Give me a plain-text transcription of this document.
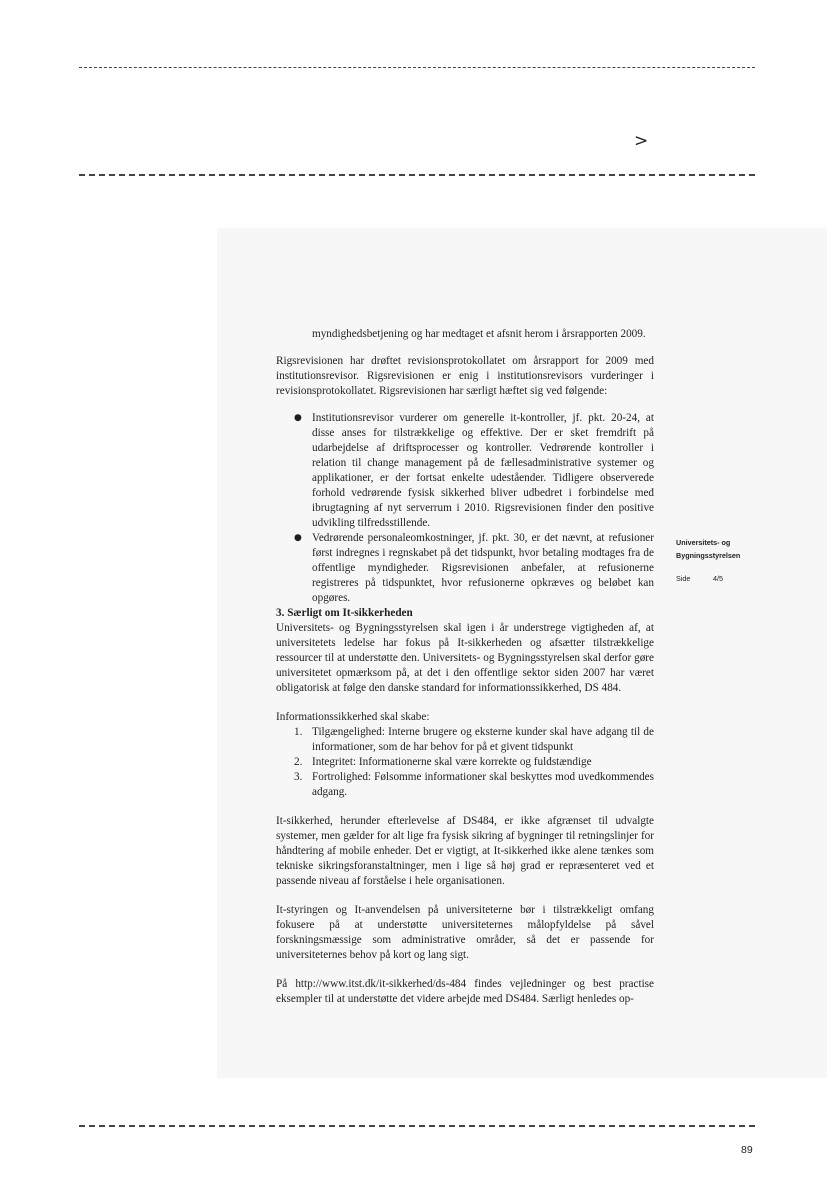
>

myndighedsbetjening og har medtaget et afsnit herom i årsrapporten 2009.

Rigsrevisionen har drøftet revisionsprotokollatet om årsrapport for 2009 med institutionsrevisor. Rigsrevisionen er enig i institutionsrevisors vurderinger i revisionsprotokollatet. Rigsrevisionen har særligt hæftet sig ved følgende:

● Institutionsrevisor vurderer om generelle it-kontroller, jf. pkt. 20-24, at disse anses for tilstrækkelige og effektive. Der er sket fremdrift på udarbejdelse af driftsprocesser og kontroller. Vedrørende kontroller i relation til change management på de fællesadministrative systemer og applikationer, er der fortsat enkelte udeståender. Tidligere observerede forhold vedrørende fysisk sikkerhed bliver udbedret i forbindelse med ibrugtagning af nyt serverrum i 2010. Rigsrevisionen finder den positive udvikling tilfredsstillende.
● Vedrørende personaleomkostninger, jf. pkt. 30, er det nævnt, at refusioner først indregnes i regnskabet på det tidspunkt, hvor betaling modtages fra de offentlige myndigheder. Rigsrevisionen anbefaler, at refusionerne registreres på tidspunktet, hvor refusionerne opkræves og beløbet kan opgøres.

3. Særligt om It-sikkerheden

Universitets- og Bygningsstyrelsen skal igen i år understrege vigtigheden af, at universitetets ledelse har fokus på It-sikkerheden og afsætter tilstrækkelige ressourcer til at understøtte den. Universitets- og Bygningsstyrelsen skal derfor gøre universitetet opmærksom på, at det i den offentlige sektor siden 2007 har været obligatorisk at følge den danske standard for informationssikkerhed, DS 484.

Informationssikkerhed skal skabe:

1. Tilgængelighed: Interne brugere og eksterne kunder skal have adgang til de informationer, som de har behov for på et givent tidspunkt
2. Integritet: Informationerne skal være korrekte og fuldstændige
3. Fortrolighed: Følsomme informationer skal beskyttes mod uvedkommendes adgang.

It-sikkerhed, herunder efterlevelse af DS484, er ikke afgrænset til udvalgte systemer, men gælder for alt lige fra fysisk sikring af bygninger til retningslinjer for håndtering af mobile enheder. Det er vigtigt, at It-sikkerhed ikke alene tænkes som tekniske sikringsforanstaltninger, men i lige så høj grad er repræsenteret ved et passende niveau af forståelse i hele organisationen.

It-styringen og It-anvendelsen på universiteterne bør i tilstrækkeligt omfang fokusere på at understøtte universiteternes målopfyldelse på såvel forskningsmæssige som administrative områder, så det er passende for universiteternes behov på kort og lang sigt.

På http://www.itst.dk/it-sikkerhed/ds-484 findes vejledninger og best practise eksempler til at understøtte det videre arbejde med DS484. Særligt henledes op-

Universitets- og
Bygningsstyrelsen
Side	4/5
89
